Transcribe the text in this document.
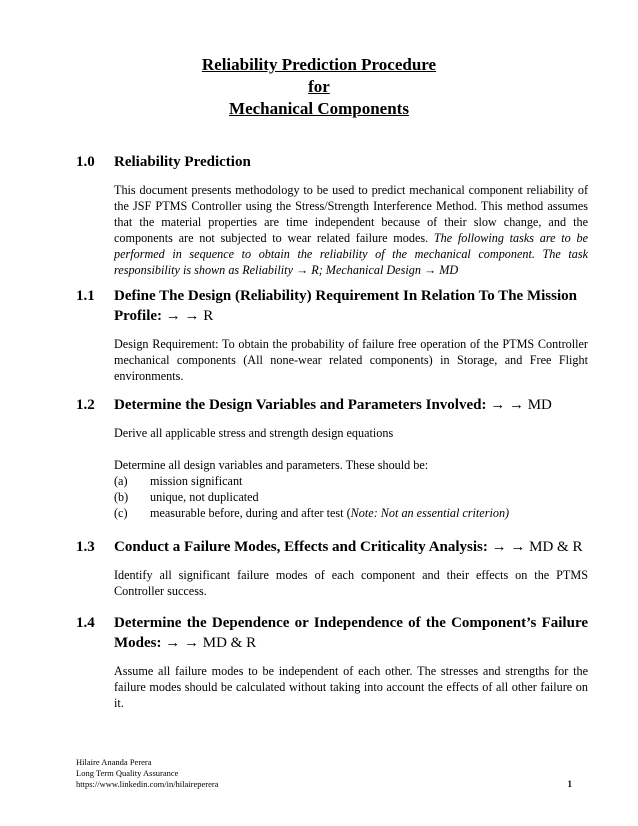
Reliability Prediction Procedure
for
Mechanical Components
1.0	Reliability Prediction

This document presents methodology to be used to predict mechanical component reliability of the JSF PTMS Controller using the Stress/Strength Interference Method. This method assumes that the material properties are time independent because of their slow change, and the components are not subjected to wear related failure modes. The following tasks are to be performed in sequence to obtain the reliability of the mechanical component. The task responsibility is shown as Reliability → R; Mechanical Design → MD

1.1	Define The Design (Reliability) Requirement In Relation To The Mission Profile: → → R

Design Requirement: To obtain the probability of failure free operation of the PTMS Controller mechanical components (All none-wear related components) in Storage, and Free Flight environments.

1.2	Determine the Design Variables and Parameters Involved: → → MD

Derive all applicable stress and strength design equations

Determine all design variables and parameters. These should be:

(a) mission significant
(b) unique, not duplicated
(c) measurable before, during and after test (Note: Not an essential criterion)
1.3	Conduct a Failure Modes, Effects and Criticality Analysis: → → MD & R

Identify all significant failure modes of each component and their effects on the PTMS Controller success.

1.4	Determine the Dependence or Independence of the Component’s Failure Modes: → → MD & R

Assume all failure modes to be independent of each other. The stresses and strengths for the failure modes should be calculated without taking into account the effects of all other failure on it.

Hilaire Ananda Perera
Long Term Quality Assurance
https://www.linkedin.com/in/hilaireperera	1
